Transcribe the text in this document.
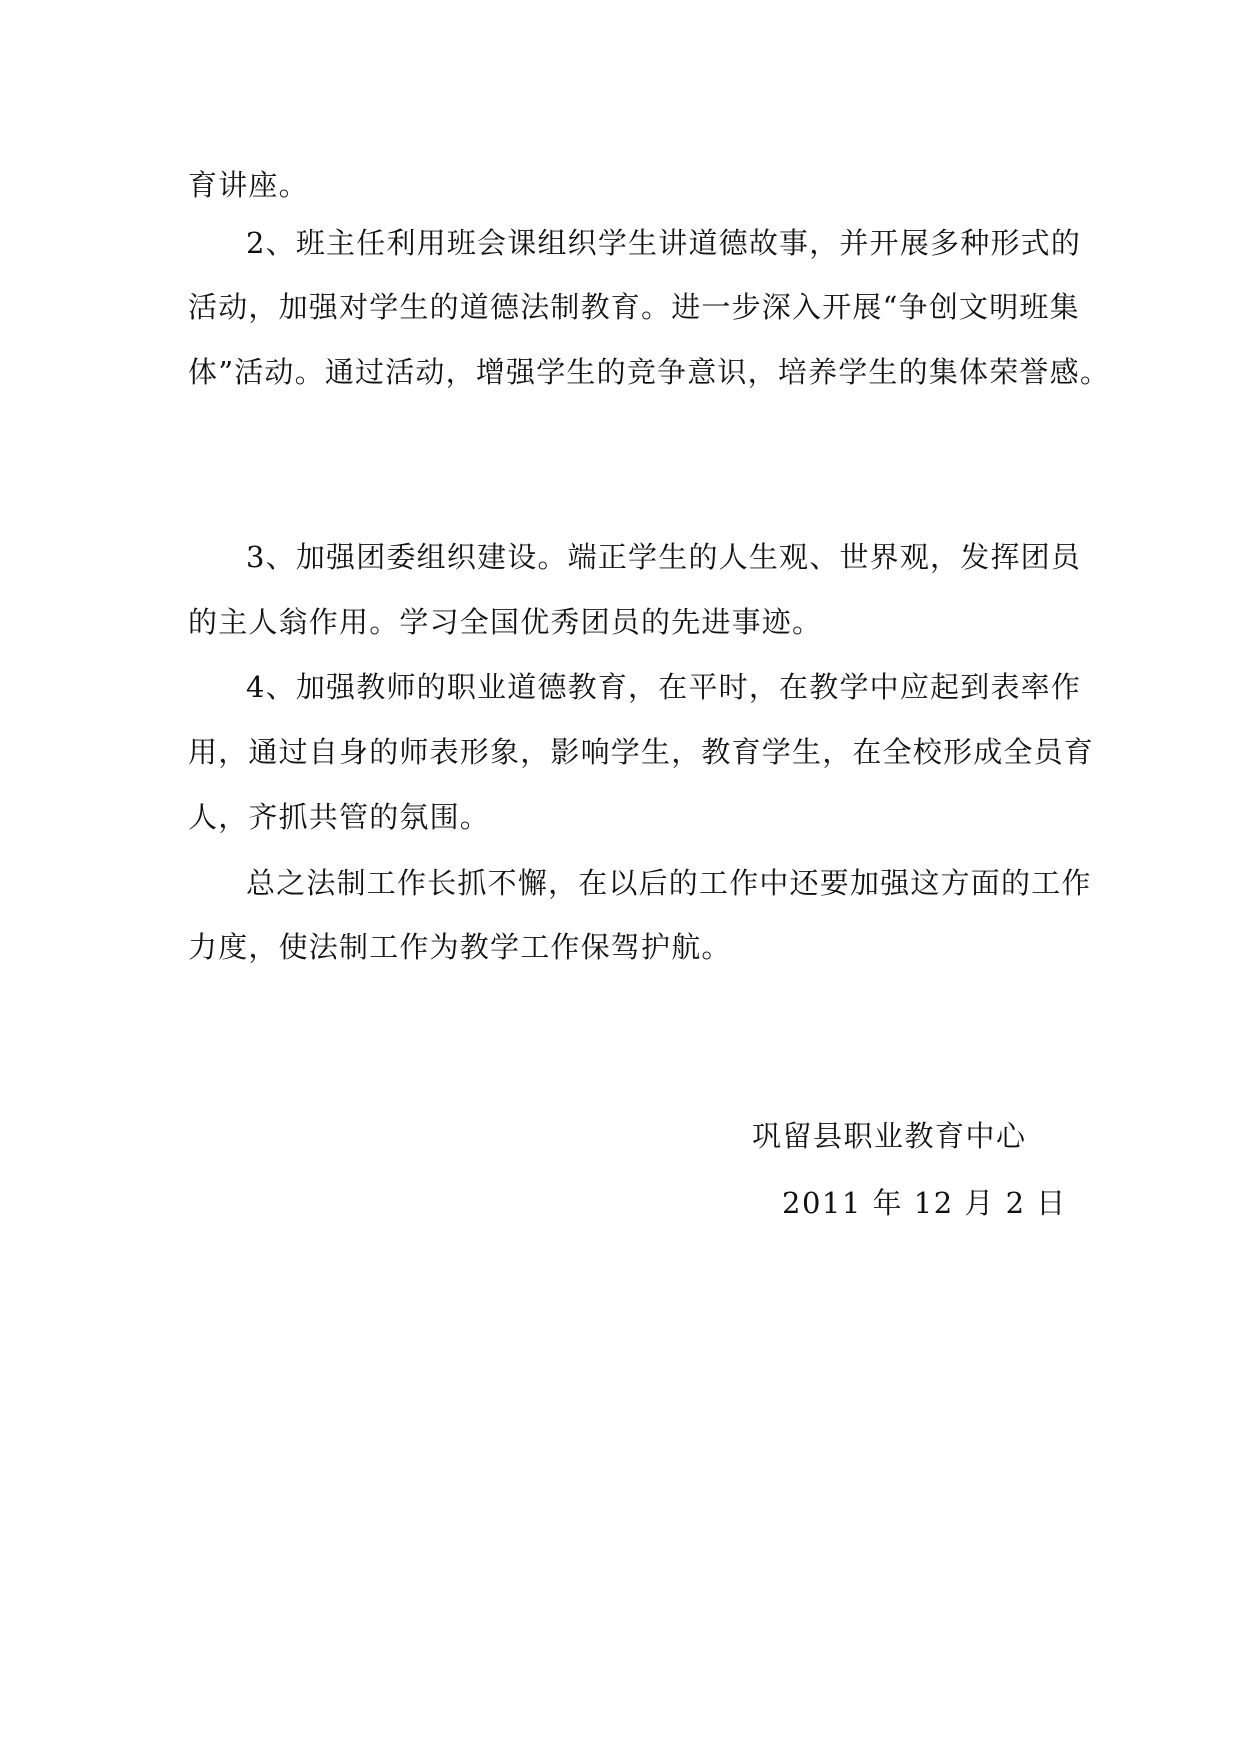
育讲座。
2、班主任利用班会课组织学生讲道德故事，并开展多种形式的
活动，加强对学生的道德法制教育。进一步深入开展“争创文明班集
体”活动。通过活动，增强学生的竞争意识，培养学生的集体荣誉感。
3、加强团委组织建设。端正学生的人生观、世界观，发挥团员
的主人翁作用。学习全国优秀团员的先进事迹。
4、加强教师的职业道德教育，在平时，在教学中应起到表率作
用，通过自身的师表形象，影响学生，教育学生，在全校形成全员育
人，齐抓共管的氛围。
总之法制工作长抓不懈，在以后的工作中还要加强这方面的工作
力度，使法制工作为教学工作保驾护航。
巩留县职业教育中心
2011 年 12 月 2 日
